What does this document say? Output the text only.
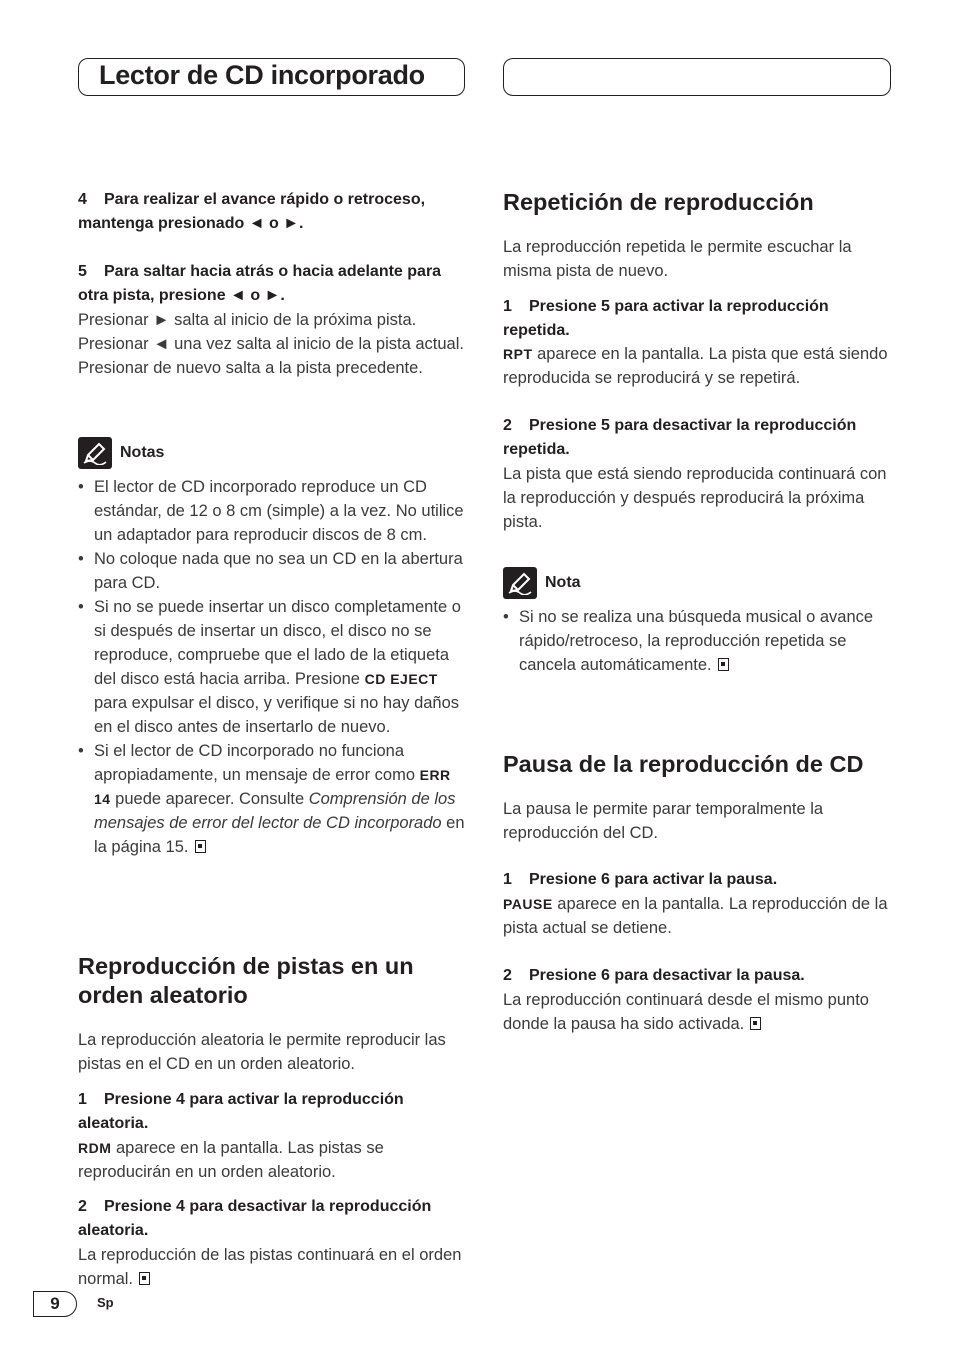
Lector de CD incorporado
4 Para realizar el avance rápido o retroceso, mantenga presionado ◄ o ►.
5 Para saltar hacia atrás o hacia adelante para otra pista, presione ◄ o ►.
Presionar ► salta al inicio de la próxima pista. Presionar ◄ una vez salta al inicio de la pista actual. Presionar de nuevo salta a la pista precedente.
Notas
• El lector de CD incorporado reproduce un CD estándar, de 12 o 8 cm (simple) a la vez. No utilice un adaptador para reproducir discos de 8 cm.
• No coloque nada que no sea un CD en la abertura para CD.
• Si no se puede insertar un disco completamente o si después de insertar un disco, el disco no se reproduce, compruebe que el lado de la etiqueta del disco está hacia arriba. Presione CD EJECT para expulsar el disco, y verifique si no hay daños en el disco antes de insertarlo de nuevo.
• Si el lector de CD incorporado no funciona apropiadamente, un mensaje de error como ERR 14 puede aparecer. Consulte Comprensión de los mensajes de error del lector de CD incorporado en la página 15.
Reproducción de pistas en un orden aleatorio
La reproducción aleatoria le permite reproducir las pistas en el CD en un orden aleatorio.
1 Presione 4 para activar la reproducción aleatoria.
RDM aparece en la pantalla. Las pistas se reproducirán en un orden aleatorio.
2 Presione 4 para desactivar la reproducción aleatoria.
La reproducción de las pistas continuará en el orden normal.
Repetición de reproducción
La reproducción repetida le permite escuchar la misma pista de nuevo.
1 Presione 5 para activar la reproducción repetida.
RPT aparece en la pantalla. La pista que está siendo reproducida se reproducirá y se repetirá.
2 Presione 5 para desactivar la reproducción repetida.
La pista que está siendo reproducida continuará con la reproducción y después reproducirá la próxima pista.
Nota
• Si no se realiza una búsqueda musical o avance rápido/retroceso, la reproducción repetida se cancela automáticamente.
Pausa de la reproducción de CD
La pausa le permite parar temporalmente la reproducción del CD.
1 Presione 6 para activar la pausa.
PAUSE aparece en la pantalla. La reproducción de la pista actual se detiene.
2 Presione 6 para desactivar la pausa.
La reproducción continuará desde el mismo punto donde la pausa ha sido activada.
9	Sp
